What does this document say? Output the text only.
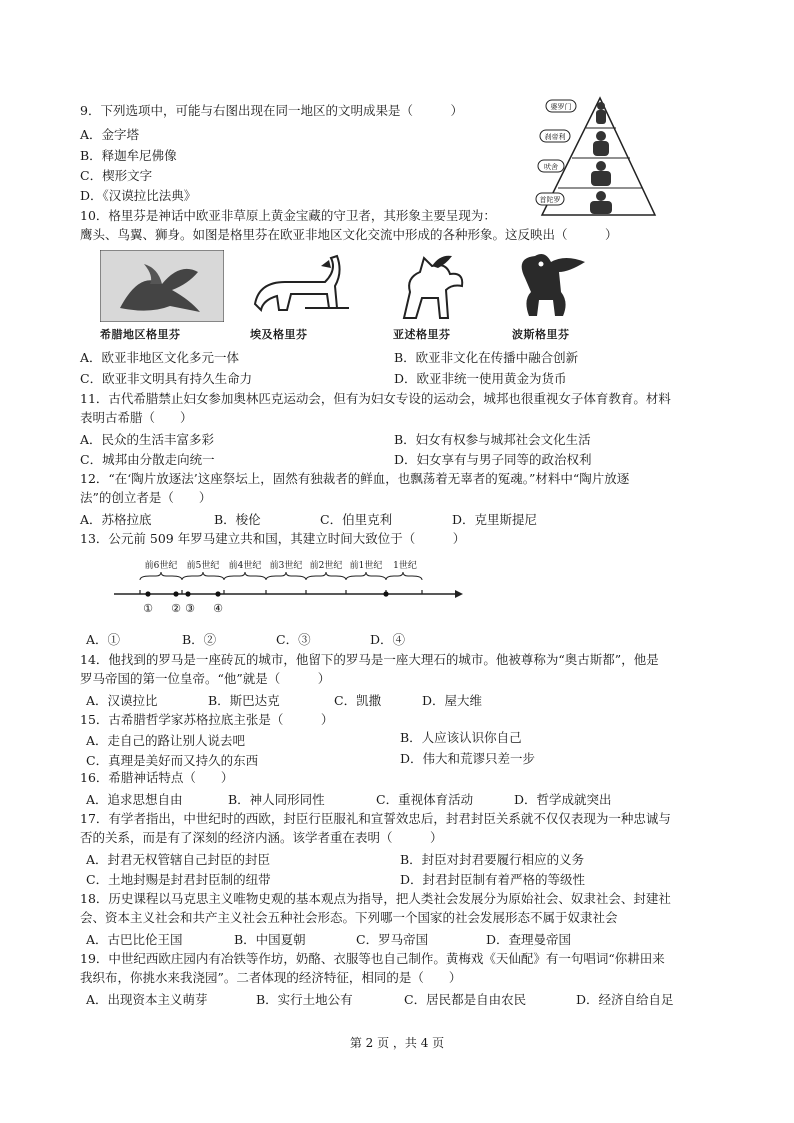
9．下列选项中，可能与右图出现在同一地区的文明成果是（　　　）
A．金字塔
B．释迦牟尼佛像
C．楔形文字
D．《汉谟拉比法典》
婆罗门
刹帝利
吠舍
首陀罗
10．格里芬是神话中欧亚非草原上黄金宝藏的守卫者，其形象主要呈现为：
鹰头、鸟翼、狮身。如图是格里芬在欧亚非地区文化交流中形成的各种形象。这反映出（　　　）
希腊地区格里芬	埃及格里芬	亚述格里芬	波斯格里芬
A．欧亚非地区文化多元一体	B．欧亚非文化在传播中融合创新
C．欧亚非文明具有持久生命力	D．欧亚非统一使用黄金为货币
11．古代希腊禁止妇女参加奥林匹克运动会，但有为妇女专设的运动会，城邦也很重视女子体育教育。材料
表明古希腊（　　）
A．民众的生活丰富多彩	B．妇女有权参与城邦社会文化生活
C．城邦由分散走向统一	D．妇女享有与男子同等的政治权利
12．“在‘陶片放逐法’这座祭坛上，固然有独裁者的鲜血，也飘荡着无辜者的冤魂。”材料中“陶片放逐
法”的创立者是（　　）
A．苏格拉底	B．梭伦	C．伯里克利	D．克里斯提尼
13．公元前 509 年罗马建立共和国，其建立时间大致位于（　　　）
前6世纪 前5世纪 前4世纪 前3世纪 前2世纪 前1世纪 1世纪
① ② ③ ④
A．①	B．②	C．③	D．④
14．他找到的罗马是一座砖瓦的城市，他留下的罗马是一座大理石的城市。他被尊称为“奥古斯都”，他是
罗马帝国的第一位皇帝。“他”就是（　　　）
A．汉谟拉比	B．斯巴达克	C．凯撒	D．屋大维
15．古希腊哲学家苏格拉底主张是（　　　）
A．走自己的路让别人说去吧	B．人应该认识你自己
C．真理是美好而又持久的东西	D．伟大和荒谬只差一步
16．希腊神话特点（　　）
A．追求思想自由	B．神人同形同性	C．重视体育活动	D．哲学成就突出
17．有学者指出，中世纪时的西欧，封臣行臣服礼和宣誓效忠后，封君封臣关系就不仅仅表现为一种忠诚与
否的关系，而是有了深刻的经济内涵。该学者重在表明（　　　）
A．封君无权管辖自己封臣的封臣	B．封臣对封君要履行相应的义务
C．土地封赐是封君封臣制的纽带	D．封君封臣制有着严格的等级性
18．历史课程以马克思主义唯物史观的基本观点为指导，把人类社会发展分为原始社会、奴隶社会、封建社
会、资本主义社会和共产主义社会五种社会形态。下列哪一个国家的社会发展形态不属于奴隶社会
A．古巴比伦王国	B．中国夏朝	C．罗马帝国	D．查理曼帝国
19．中世纪西欧庄园内有冶铁等作坊，奶酪、衣服等也自己制作。黄梅戏《天仙配》有一句唱词“你耕田来
我织布，你挑水来我浇园”。二者体现的经济特征，相同的是（　　）
A．出现资本主义萌芽	B．实行土地公有	C．居民都是自由农民	D．经济自给自足
第 2 页 ，共 4 页
